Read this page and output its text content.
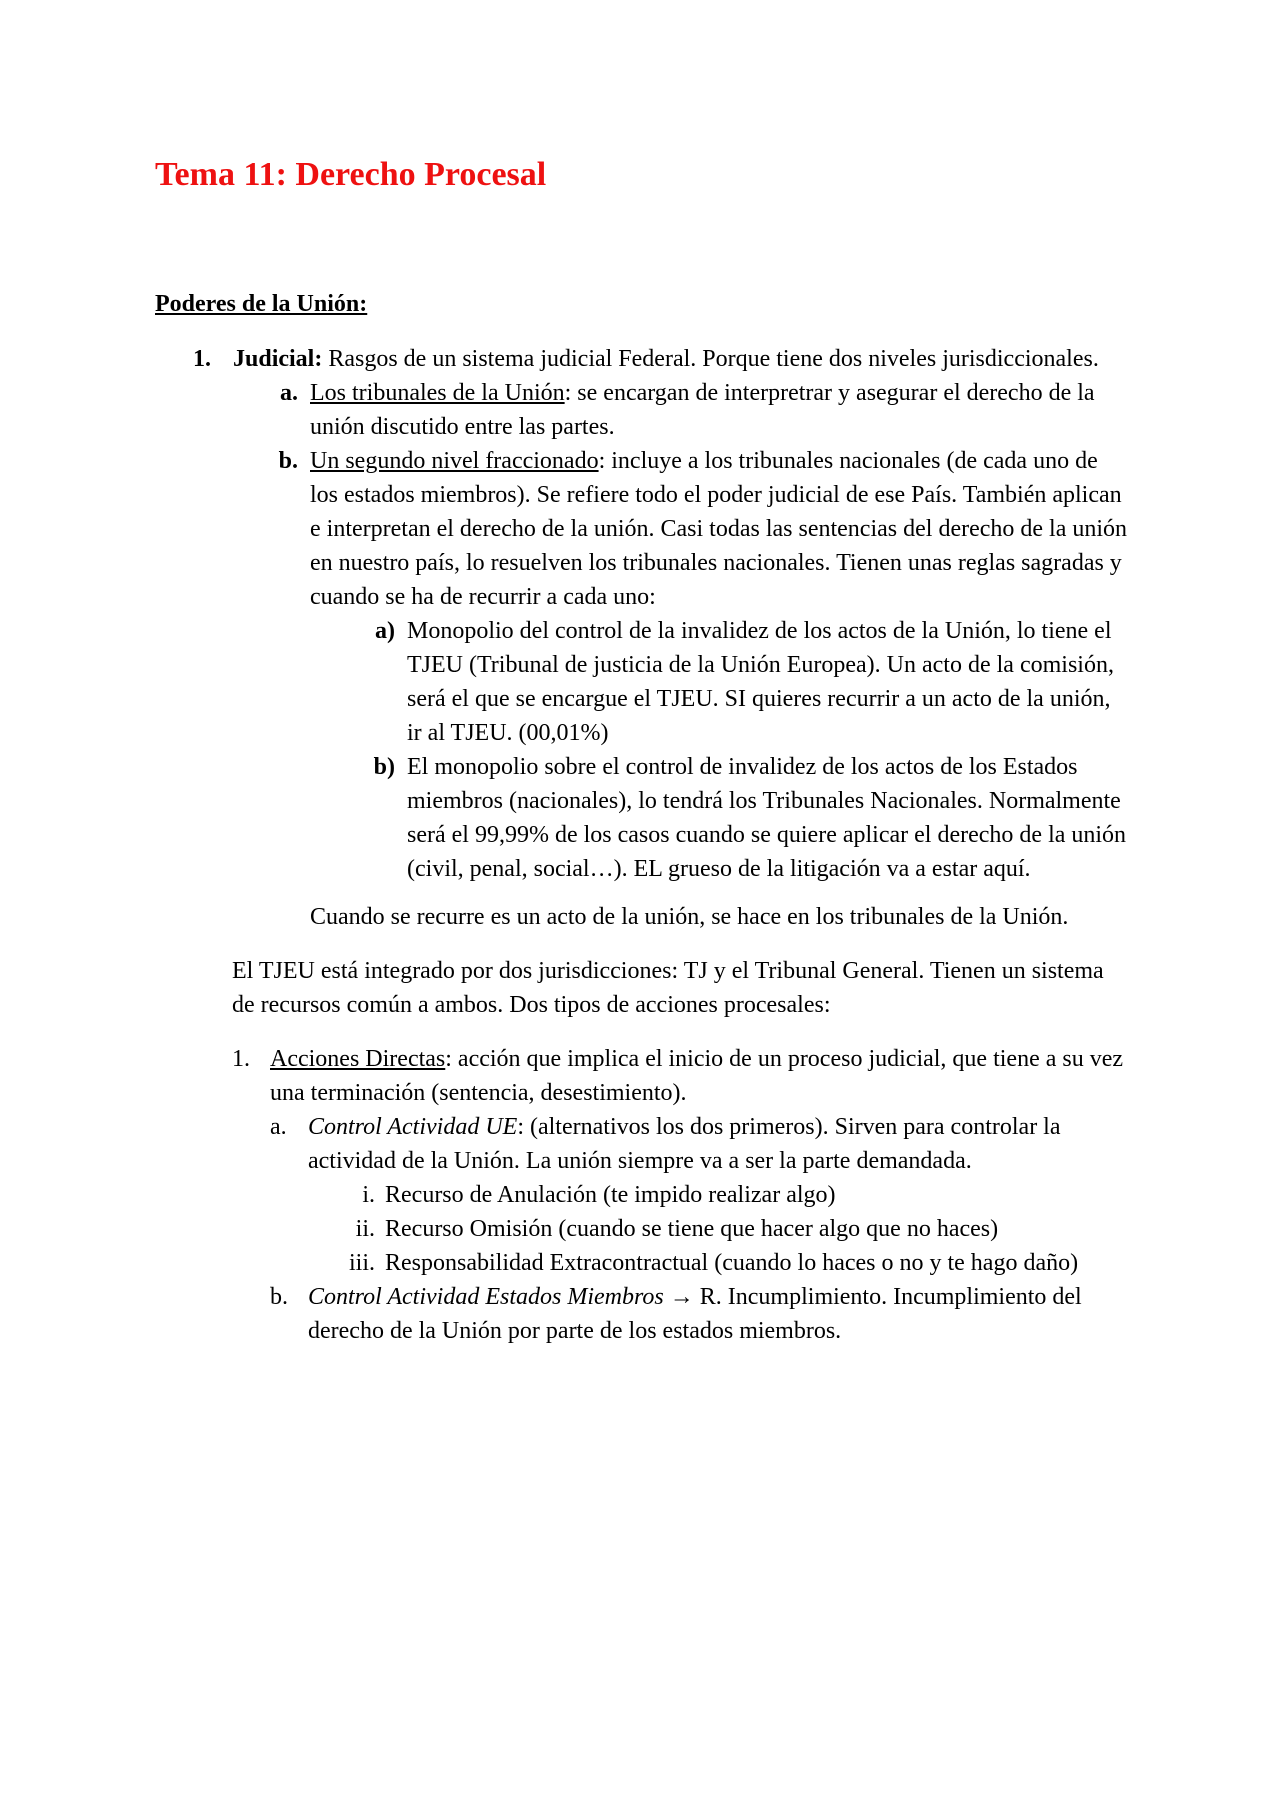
Tema 11: Derecho Procesal
Poderes de la Unión:
1. Judicial: Rasgos de un sistema judicial Federal. Porque tiene dos niveles jurisdiccionales.
a. Los tribunales de la Unión: se encargan de interpretrar y asegurar el derecho de la unión discutido entre las partes.
b. Un segundo nivel fraccionado: incluye a los tribunales nacionales (de cada uno de los estados miembros). Se refiere todo el poder judicial de ese País. También aplican e interpretan el derecho de la unión. Casi todas las sentencias del derecho de la unión en nuestro país, lo resuelven los tribunales nacionales. Tienen unas reglas sagradas y cuando se ha de recurrir a cada uno:
a) Monopolio del control de la invalidez de los actos de la Unión, lo tiene el TJEU (Tribunal de justicia de la Unión Europea). Un acto de la comisión, será el que se encargue el TJEU. SI quieres recurrir a un acto de la unión, ir al TJEU. (00,01%)
b) El monopolio sobre el control de invalidez de los actos de los Estados miembros (nacionales), lo tendrá los Tribunales Nacionales. Normalmente será el 99,99% de los casos cuando se quiere aplicar el derecho de la unión (civil, penal, social…). EL grueso de la litigación va a estar aquí.

Cuando se recurre es un acto de la unión, se hace en los tribunales de la Unión.

El TJEU está integrado por dos jurisdicciones: TJ y el Tribunal General. Tienen un sistema de recursos común a ambos. Dos tipos de acciones procesales:

1. Acciones Directas: acción que implica el inicio de un proceso judicial, que tiene a su vez una terminación (sentencia, desestimiento).
a. Control Actividad UE: (alternativos los dos primeros). Sirven para controlar la actividad de la Unión. La unión siempre va a ser la parte demandada.
i. Recurso de Anulación (te impido realizar algo)
ii. Recurso Omisión (cuando se tiene que hacer algo que no haces)
iii. Responsabilidad Extracontractual (cuando lo haces o no y te hago daño)
b. Control Actividad Estados Miembros → R. Incumplimiento. Incumplimiento del derecho de la Unión por parte de los estados miembros.
